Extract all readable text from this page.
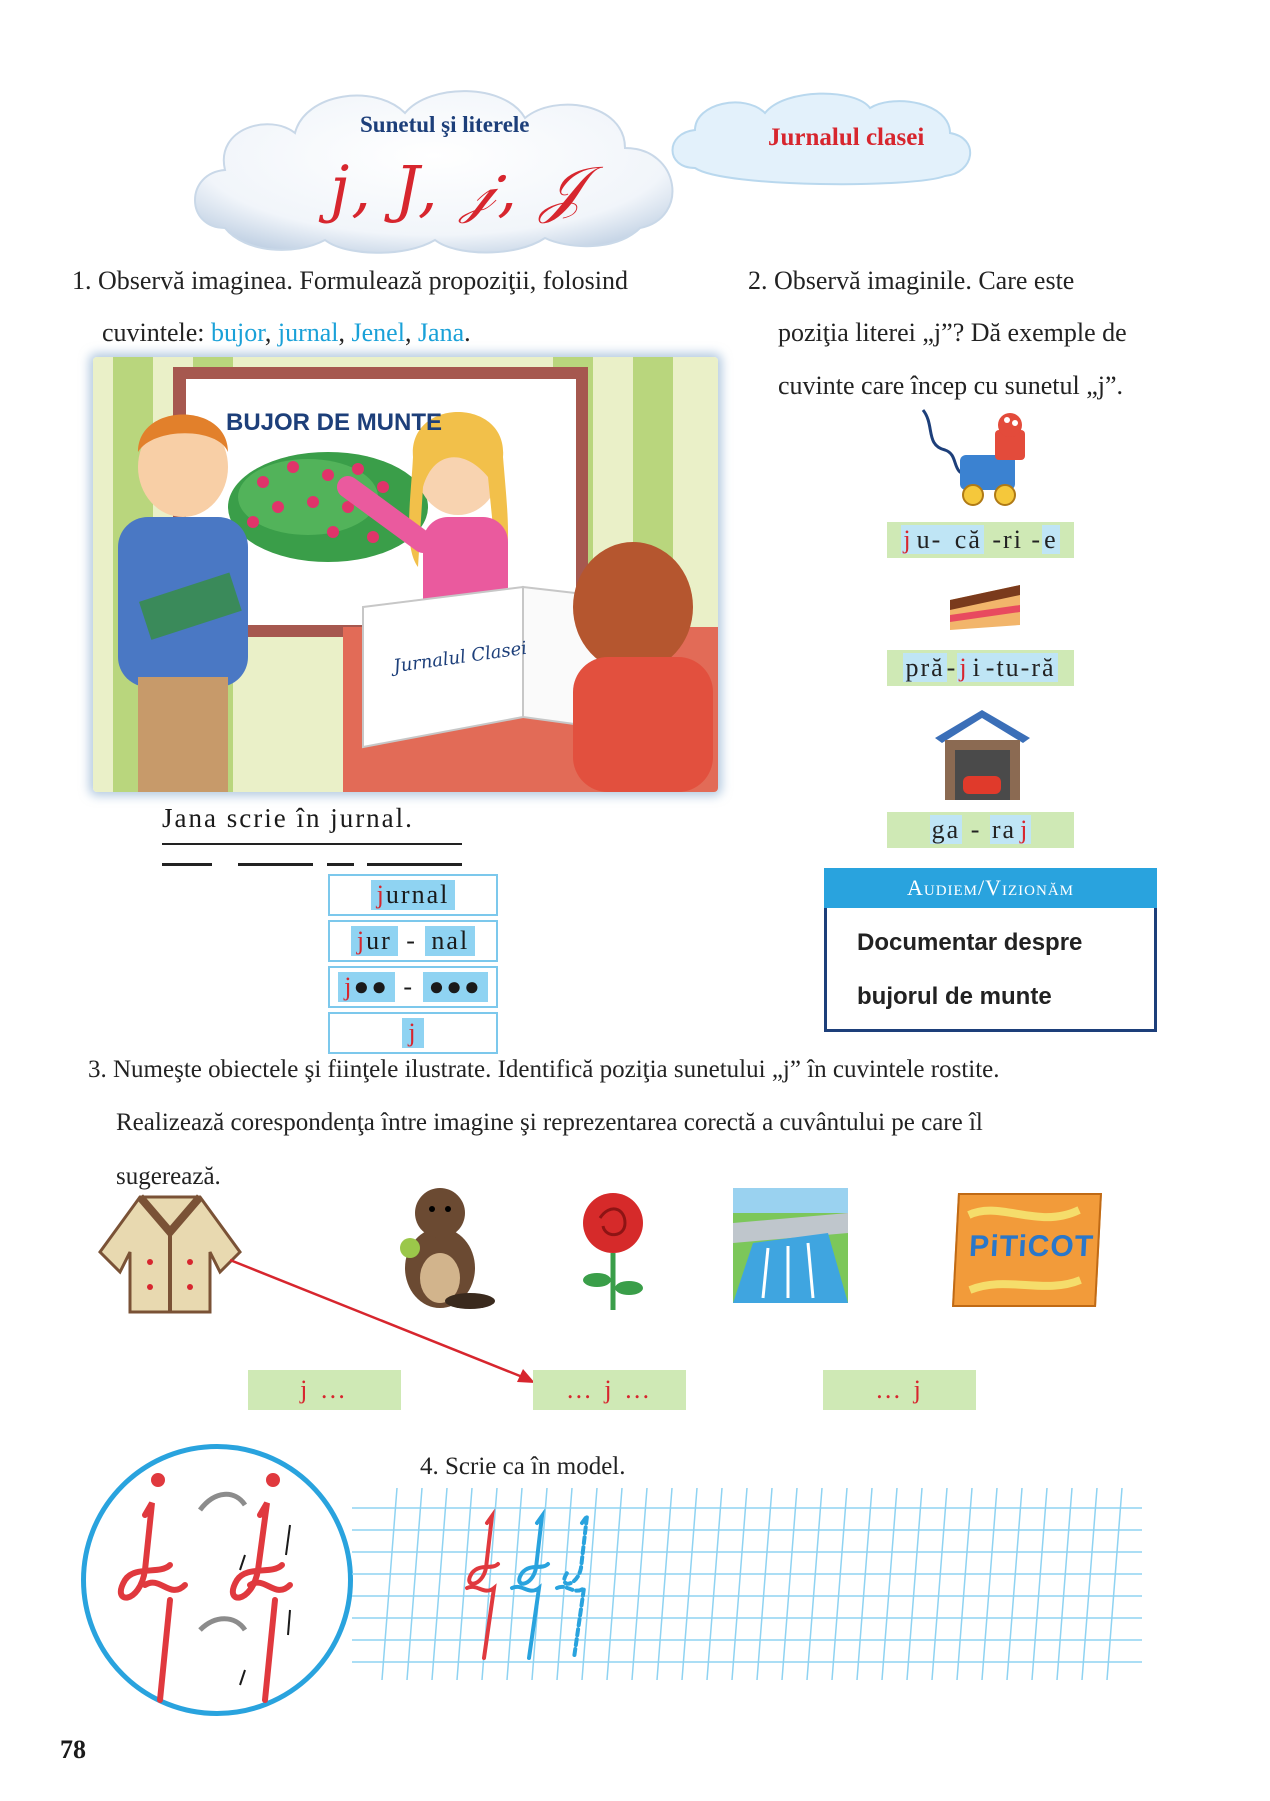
Sunetul şi literele
j, J, 𝒿, 𝒥
Jurnalul clasei
1. Observă imaginea. Formulează propoziţii, folosind
cuvintele: bujor, jurnal, Jenel, Jana.
BUJOR DE MUNTE
Jurnalul Clasei
Jana scrie în jurnal.
jurnal
jur - nal
j●● - ●●●
j
2. Observă imaginile. Care este
poziţia literei „j”? Dă exemple de
cuvinte care încep cu sunetul „j”.
j u- că -ri -e
pră-j i -tu-ră
ga - ra j
Audiem/Vizionăm
Documentar despre
bujorul de munte
3. Numeşte obiectele şi fiinţele ilustrate. Identifică poziţia sunetului „j” în cuvintele rostite.
Realizează corespondenţa între imagine şi reprezentarea corectă a cuvântului pe care îl
sugerează.
PiTiCOT
j …	… j …	… j
4. Scrie ca în model.
78
